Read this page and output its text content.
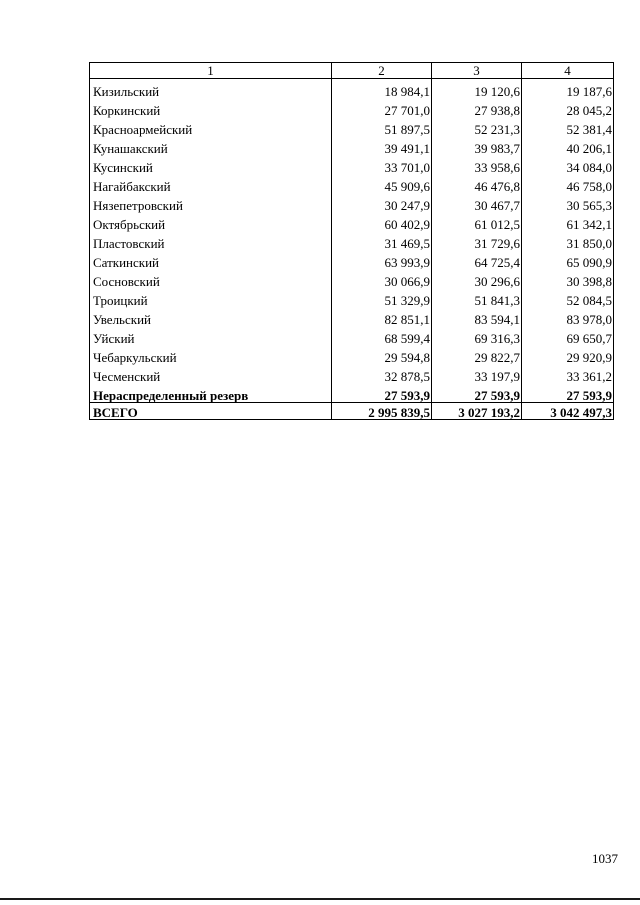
1	2	3	4
Кизильский	18 984,1	19 120,6	19 187,6
Коркинский	27 701,0	27 938,8	28 045,2
Красноармейский	51 897,5	52 231,3	52 381,4
Кунашакский	39 491,1	39 983,7	40 206,1
Кусинский	33 701,0	33 958,6	34 084,0
Нагайбакский	45 909,6	46 476,8	46 758,0
Нязепетровский	30 247,9	30 467,7	30 565,3
Октябрьский	60 402,9	61 012,5	61 342,1
Пластовский	31 469,5	31 729,6	31 850,0
Саткинский	63 993,9	64 725,4	65 090,9
Сосновский	30 066,9	30 296,6	30 398,8
Троицкий	51 329,9	51 841,3	52 084,5
Увельский	82 851,1	83 594,1	83 978,0
Уйский	68 599,4	69 316,3	69 650,7
Чебаркульский	29 594,8	29 822,7	29 920,9
Чесменский	32 878,5	33 197,9	33 361,2
Нераспределенный резерв	27 593,9	27 593,9	27 593,9
ВСЕГО	2 995 839,5	3 027 193,2	3 042 497,3
1037
